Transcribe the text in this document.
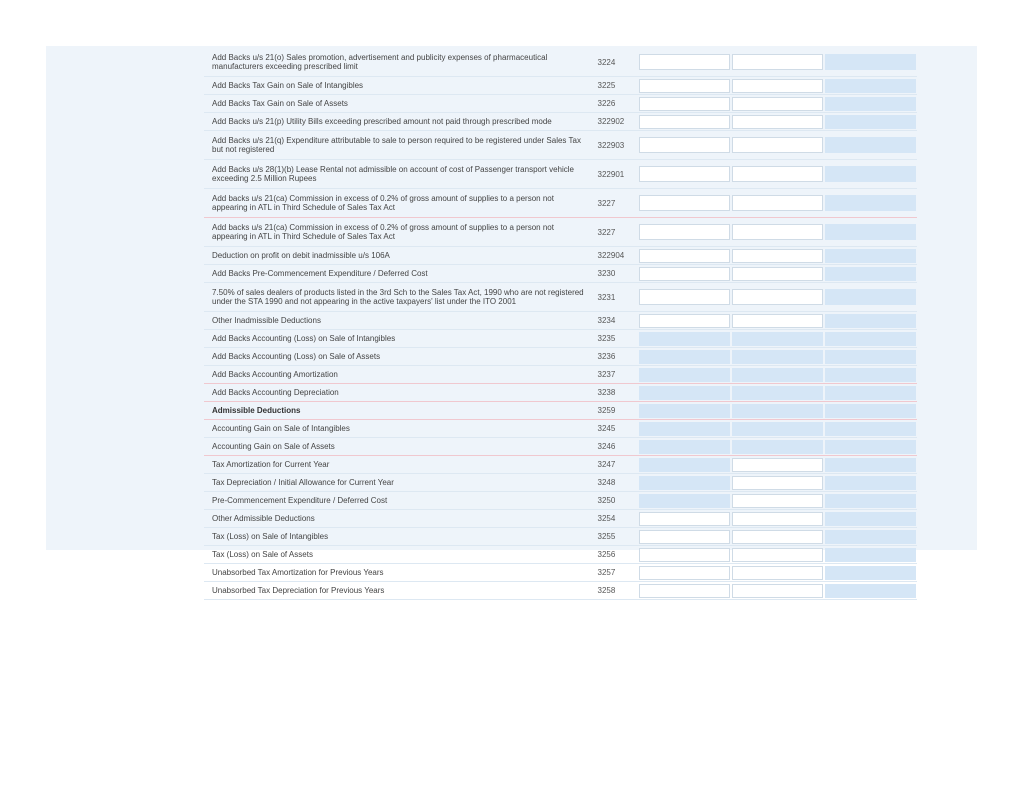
Add Backs u/s 21(o) Sales promotion, advertisement and publicity expenses of pharmaceutical manufacturers exceeding prescribed limit	3224	

Add Backs Tax Gain on Sale of Intangibles	3225	

Add Backs Tax Gain on Sale of Assets	3226	

Add Backs u/s 21(p) Utility Bills exceeding prescribed amount not paid through prescribed mode	322902	

Add Backs u/s 21(q) Expenditure attributable to sale to person required to be registered under Sales Tax but not registered	322903	

Add Backs u/s 28(1)(b) Lease Rental not admissible on account of cost of Passenger transport vehicle exceeding 2.5 Million Rupees	322901	

Add backs u/s 21(ca) Commission in excess of 0.2% of gross amount of supplies to a person not appearing in ATL in Third Schedule of Sales Tax Act	3227	

Add backs u/s 21(ca) Commission in excess of 0.2% of gross amount of supplies to a person not appearing in ATL in Third Schedule of Sales Tax Act	3227	

Deduction on profit on debit inadmissible u/s 106A	322904	

Add Backs Pre-Commencement Expenditure / Deferred Cost	3230	

7.50% of sales dealers of products listed in the 3rd Sch to the Sales Tax Act, 1990 who are not registered under the STA 1990 and not appearing in the active taxpayers' list under the ITO 2001	3231	

Other Inadmissible Deductions	3234	

Add Backs Accounting (Loss) on Sale of Intangibles	3235	

Add Backs Accounting (Loss) on Sale of Assets	3236	

Add Backs Accounting Amortization	3237	

Add Backs Accounting Depreciation	3238	

Admissible Deductions	3259	

Accounting Gain on Sale of Intangibles	3245	

Accounting Gain on Sale of Assets	3246	

Tax Amortization for Current Year	3247	

Tax Depreciation / Initial Allowance for Current Year	3248	

Pre-Commencement Expenditure / Deferred Cost	3250	

Other Admissible Deductions	3254	

Tax (Loss) on Sale of Intangibles	3255	

Tax (Loss) on Sale of Assets	3256	

Unabsorbed Tax Amortization for Previous Years	3257	

Unabsorbed Tax Depreciation for Previous Years	3258	
